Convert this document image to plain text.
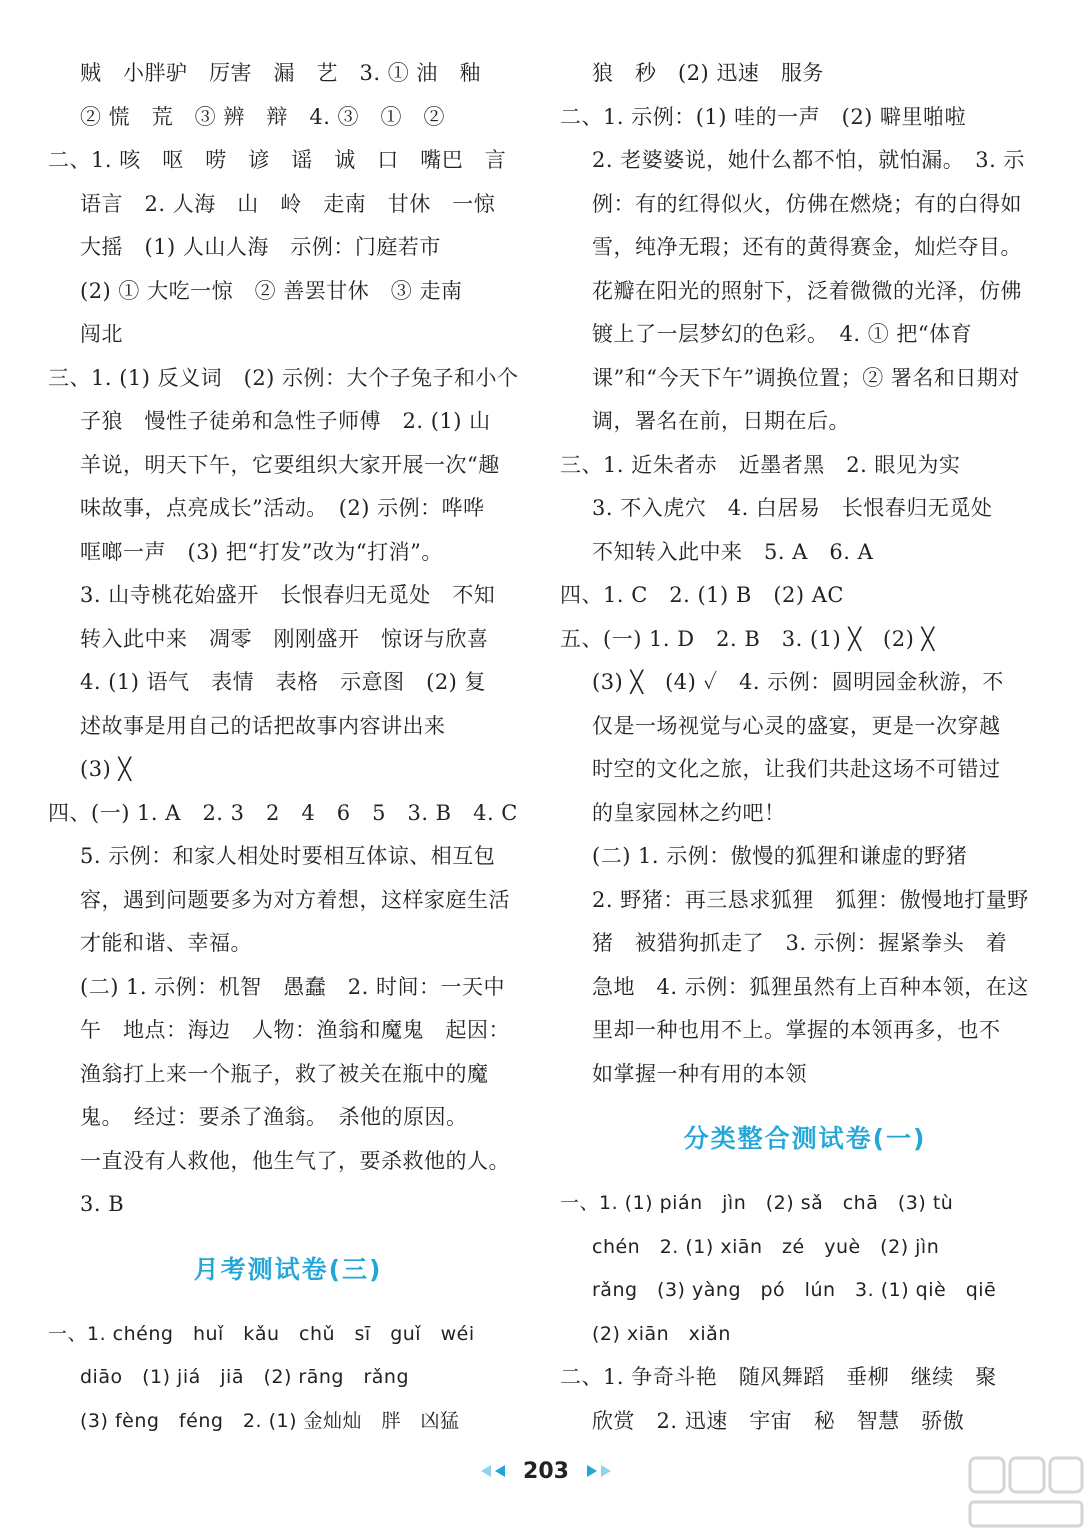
贼　小胖驴　厉害　漏　艺　3. ① 油　釉
② 慌　荒　③ 辨　辩　4. ③　①　②
二、1. 咳　呕　唠　谚　谣　诚　口　嘴巴　言
语言　2. 人海　山　岭　走南　甘休　一惊
大摇　(1) 人山人海　示例：门庭若市
(2) ① 大吃一惊　② 善罢甘休　③ 走南
闯北
三、1. (1) 反义词　(2) 示例：大个子兔子和小个
子狼　慢性子徒弟和急性子师傅　2. (1) 山
羊说，明天下午，它要组织大家开展一次“趣
味故事，点亮成长”活动。　(2) 示例：哗哗
哐啷一声　(3) 把“打发”改为“打消”。
3. 山寺桃花始盛开　长恨春归无觅处　不知
转入此中来　凋零　刚刚盛开　惊讶与欣喜
4. (1) 语气　表情　表格　示意图　(2) 复
述故事是用自己的话把故事内容讲出来
(3) ╳
四、(一) 1. A　2. 3　2　4　6　5　3. B　4. C
5. 示例：和家人相处时要相互体谅、相互包
容，遇到问题要多为对方着想，这样家庭生活
才能和谐、幸福。
(二) 1. 示例：机智　愚蠢　2. 时间：一天中
午　地点：海边　人物：渔翁和魔鬼　起因：
渔翁打上来一个瓶子，救了被关在瓶中的魔
鬼。　经过：要杀了渔翁。　杀他的原因。
一直没有人救他，他生气了，要杀救他的人。
3. B
月考测试卷(三)
一、1. chéng　huǐ　kǎu　chǔ　sī　guǐ　wéi
diāo　(1) jiá　jiā　(2) rāng　rǎng
(3) fèng　féng　2. (1) 金灿灿　胖　凶猛
狼　秒　(2) 迅速　服务
二、1. 示例：(1) 哇的一声　(2) 噼里啪啦
2. 老婆婆说，她什么都不怕，就怕漏。　3. 示
例：有的红得似火，仿佛在燃烧；有的白得如
雪，纯净无瑕；还有的黄得赛金，灿烂夺目。
花瓣在阳光的照射下，泛着微微的光泽，仿佛
镀上了一层梦幻的色彩。　4. ① 把“体育
课”和“今天下午”调换位置；② 署名和日期对
调，署名在前，日期在后。
三、1. 近朱者赤　近墨者黑　2. 眼见为实
3. 不入虎穴　4. 白居易　长恨春归无觅处
不知转入此中来　5. A　6. A
四、1. C　2. (1) B　(2) AC
五、(一) 1. D　2. B　3. (1) ╳　(2) ╳
(3) ╳　(4) ✓　4. 示例：圆明园金秋游，不
仅是一场视觉与心灵的盛宴，更是一次穿越
时空的文化之旅，让我们共赴这场不可错过
的皇家园林之约吧！
(二) 1. 示例：傲慢的狐狸和谦虚的野猪
2. 野猪：再三恳求狐狸　狐狸：傲慢地打量野
猪　被猎狗抓走了　3. 示例：握紧拳头　着
急地　4. 示例：狐狸虽然有上百种本领，在这
里却一种也用不上。掌握的本领再多，也不
如掌握一种有用的本领
分类整合测试卷(一)
一、1. (1) pián　jìn　(2) sǎ　chā　(3) tù
chén　2. (1) xiān　zé　yuè　(2) jìn
rǎng　(3) yàng　pó　lún　3. (1) qiè　qiē
(2) xiān　xiǎn
二、1. 争奇斗艳　随风舞蹈　垂柳　继续　聚
欣赏　2. 迅速　宇宙　秘　智慧　骄傲
203
